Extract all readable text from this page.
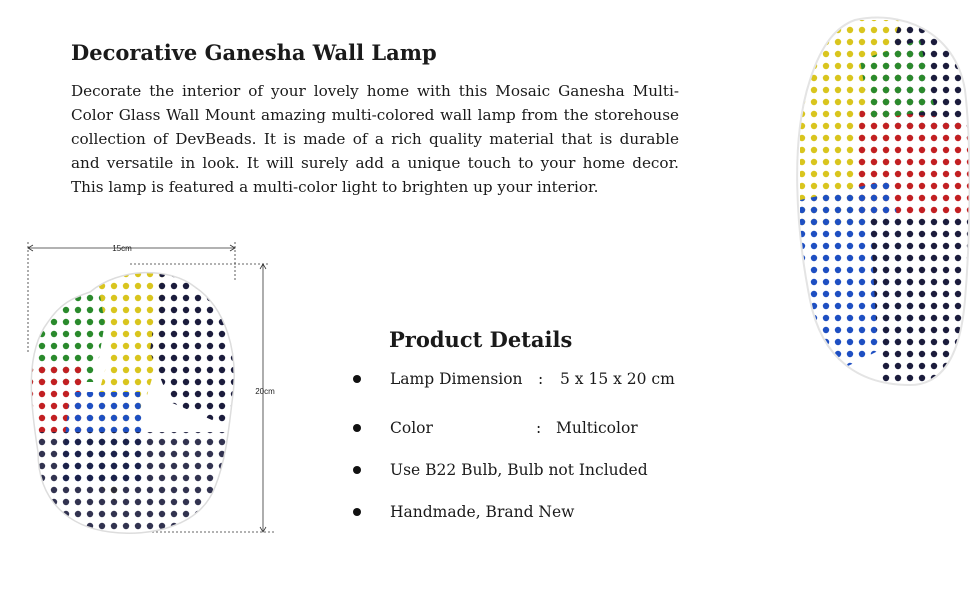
Decorative Ganesha Wall Lamp

Decorate the interior of your lovely home with this Mosaic Ganesha Multi-Color Glass Wall Mount amazing multi-colored wall lamp from the storehouse collection of DevBeads. It is made of a rich quality material that is durable and versatile in look. It will surely add a unique touch to your home decor. This lamp is featured a multi-color light to brighten up your interior.

15cm
20cm
Product Details
Lamp Dimension :	5 x 15 x 20 cm
Color	: Multicolor
Use B22 Bulb, Bulb not Included
Handmade, Brand New
